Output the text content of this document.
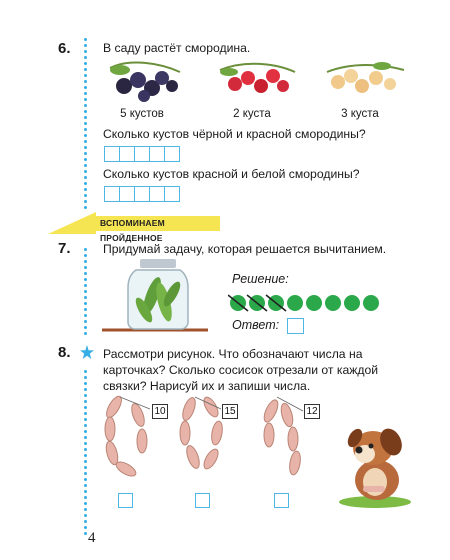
6.	В саду растёт смородина.
5 кустов	2 куста	3 куста
Сколько кустов чёрной и красной смородины?
Сколько кустов красной и белой смородины?
ВСПОМИНАЕМ ПРОЙДЕННОЕ
7.	Придумай задачу, которая решается вычитанием.
Решение:
Ответ:
8.	Рассмотри рисунок. Что обозначают числа на
карточках? Сколько сосисок отрезали от каждой
связки? Нарисуй их и запиши числа.
10	15	12
4
